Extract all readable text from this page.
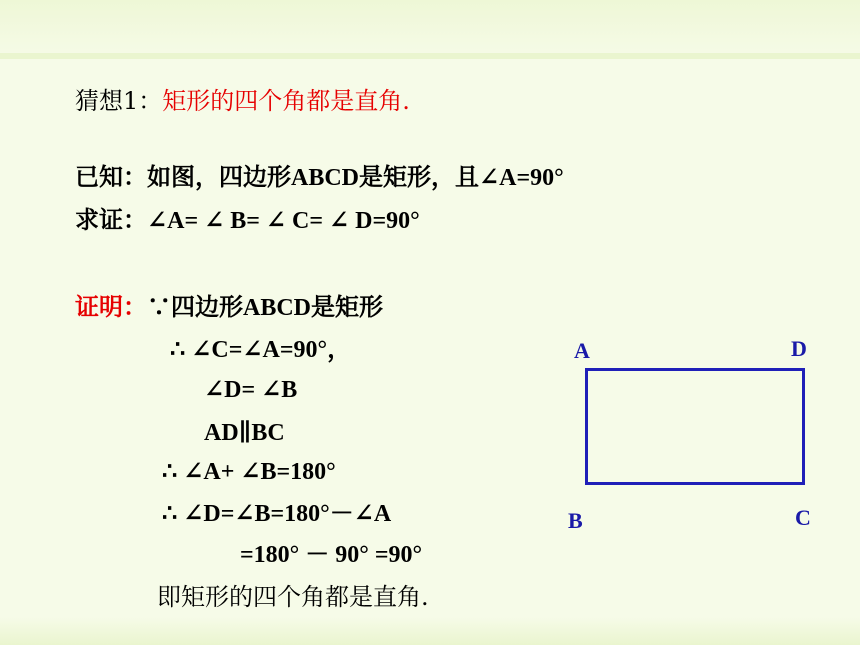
猜想1：矩形的四个角都是直角.
已知：如图，四边形ABCD是矩形，且∠A=90°
求证：∠A= ∠ B= ∠ C= ∠ D=90°
证明：∵四边形ABCD是矩形
∴ ∠C=∠A=90°，
∠D= ∠B
AD∥BC
∴ ∠A+ ∠B=180°
∴ ∠D=∠B=180°－∠A
=180° － 90° =90°
即矩形的四个角都是直角.
A	D
B	C
